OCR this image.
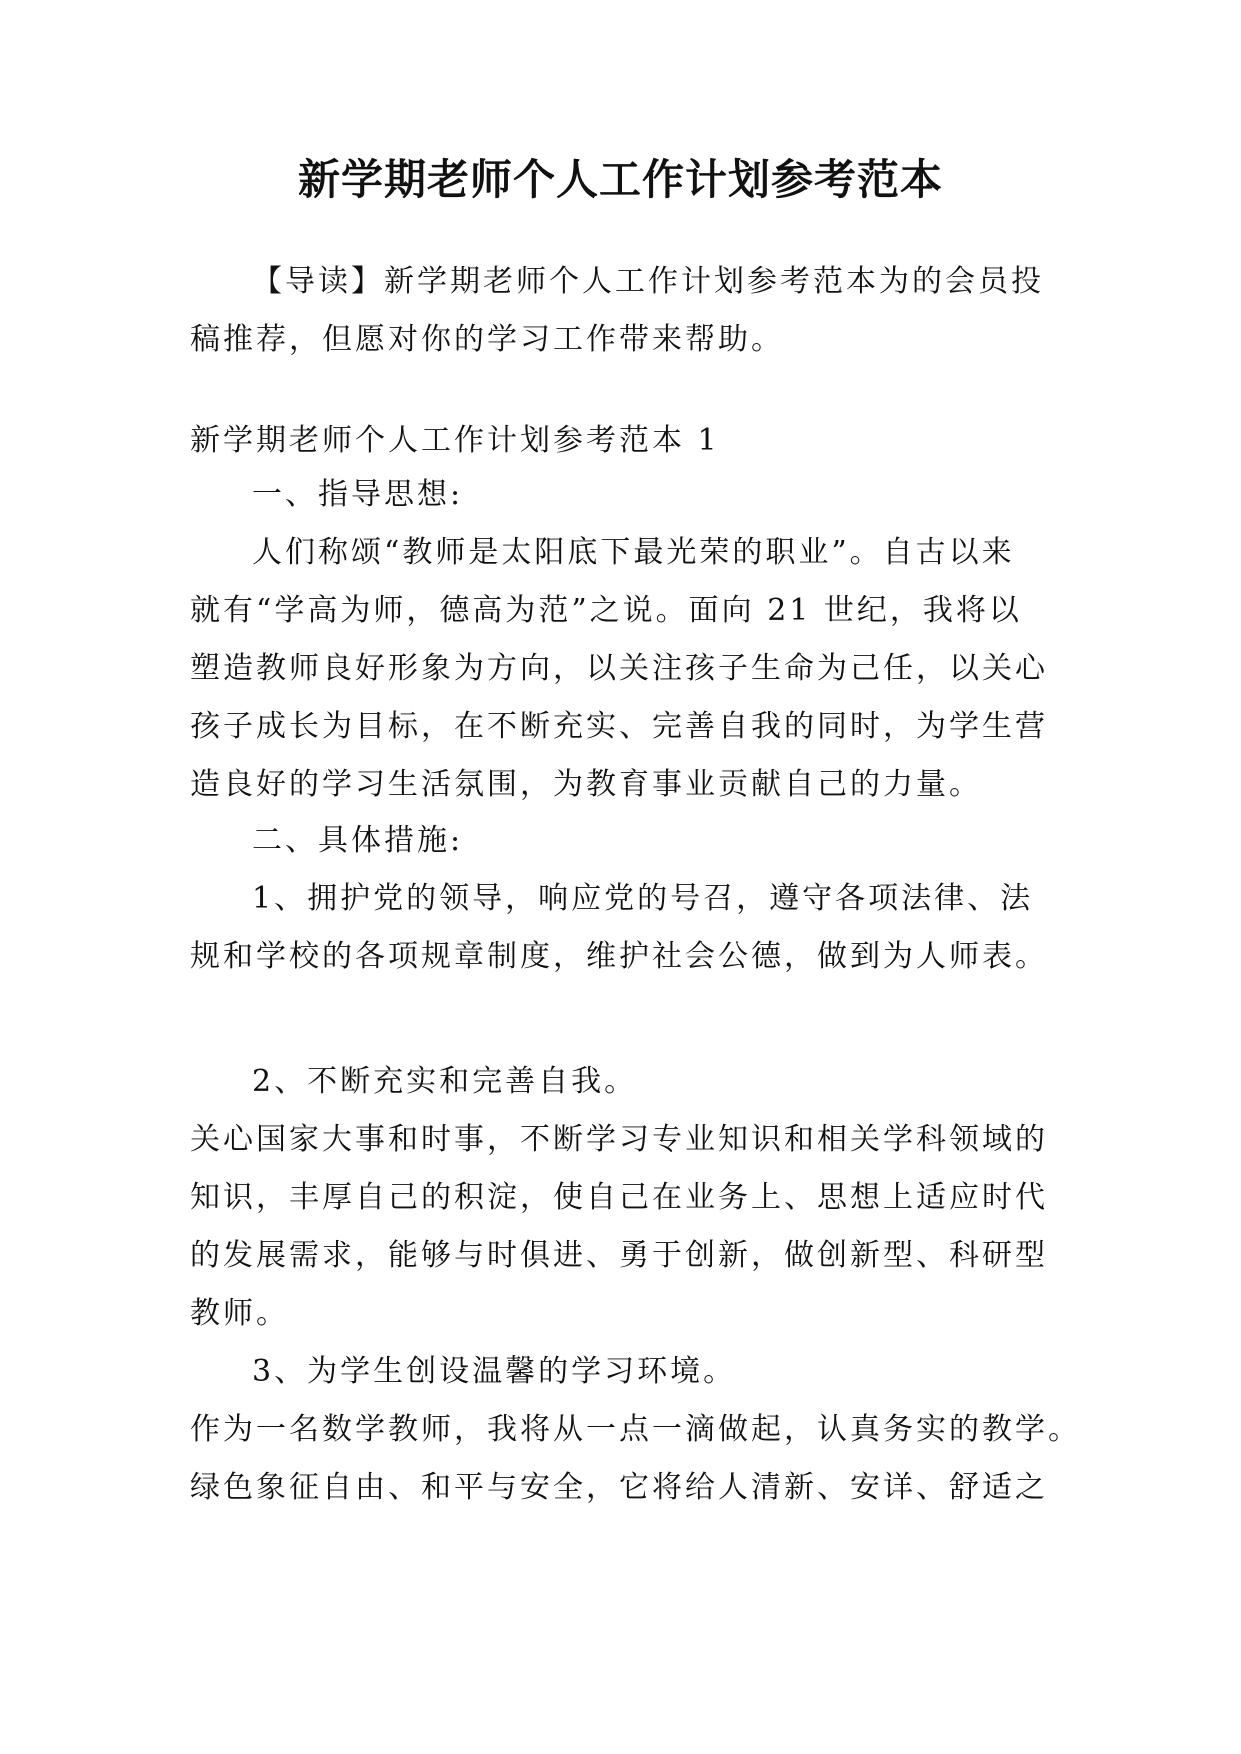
新学期老师个人工作计划参考范本
【导读】新学期老师个人工作计划参考范本为的会员投
稿推荐，但愿对你的学习工作带来帮助。
新学期老师个人工作计划参考范本 1
一、指导思想:
人们称颂“教师是太阳底下最光荣的职业”。自古以来
就有“学高为师，德高为范”之说。面向 21 世纪，我将以
塑造教师良好形象为方向，以关注孩子生命为己任，以关心
孩子成长为目标，在不断充实、完善自我的同时，为学生营
造良好的学习生活氛围，为教育事业贡献自己的力量。
二、具体措施:
1、拥护党的领导，响应党的号召，遵守各项法律、法
规和学校的各项规章制度，维护社会公德，做到为人师表。
2、不断充实和完善自我。
关心国家大事和时事，不断学习专业知识和相关学科领域的
知识，丰厚自己的积淀，使自己在业务上、思想上适应时代
的发展需求，能够与时俱进、勇于创新，做创新型、科研型
教师。
3、为学生创设温馨的学习环境。
作为一名数学教师，我将从一点一滴做起，认真务实的教学。
绿色象征自由、和平与安全，它将给人清新、安详、舒适之
